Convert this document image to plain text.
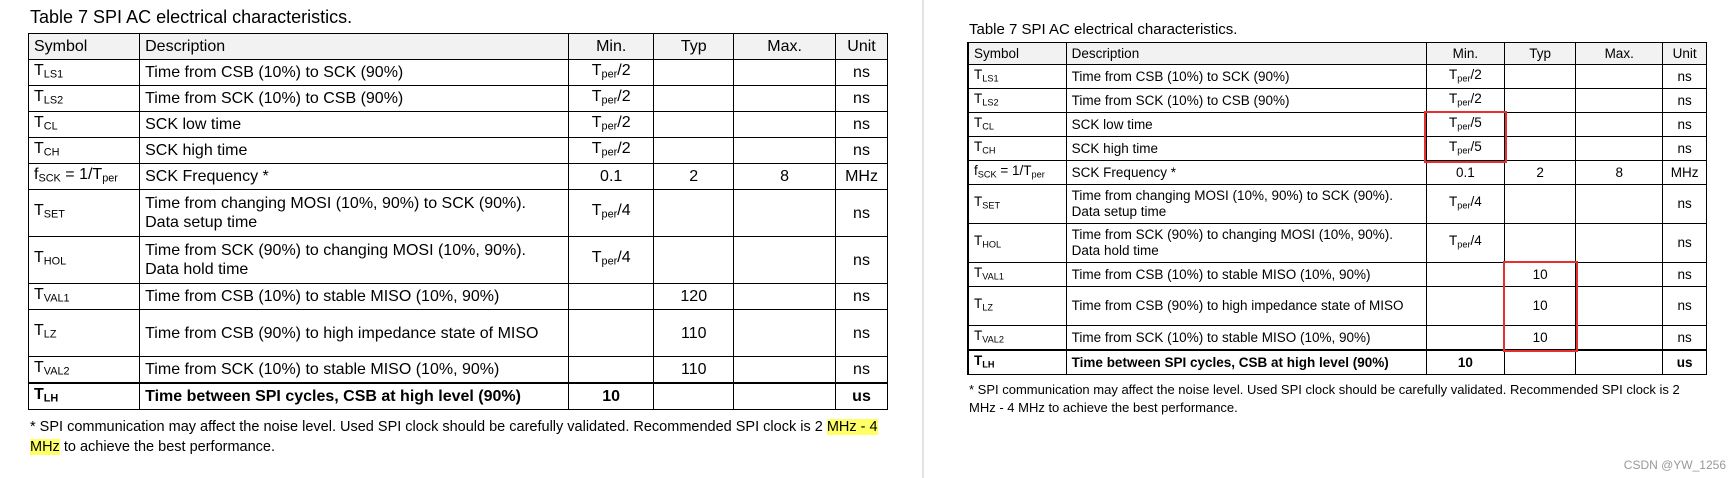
Table 7 SPI AC electrical characteristics.
Symbol	Description	Min.	Typ	Max.	Unit
TLS1	Time from CSB (10%) to SCK (90%)	Tper/2			ns
TLS2	Time from SCK (10%) to CSB (90%)	Tper/2			ns
TCL	SCK low time	Tper/2			ns
TCH	SCK high time	Tper/2			ns
fSCK = 1/Tper	SCK Frequency *	0.1	2	8	MHz
TSET	Time from changing MOSI (10%, 90%) to SCK (90%). Data setup time	Tper/4			ns
THOL	Time from SCK (90%) to changing MOSI (10%, 90%). Data hold time	Tper/4			ns
TVAL1	Time from CSB (10%) to stable MISO (10%, 90%)		120		ns
TLZ	Time from CSB (90%) to high impedance state of MISO		110		ns
TVAL2	Time from SCK (10%) to stable MISO (10%, 90%)		110		ns
TLH	Time between SPI cycles, CSB at high level (90%)	10			us
* SPI communication may affect the noise level. Used SPI clock should be carefully validated. Recommended SPI clock is 2 MHz - 4 MHz to achieve the best performance.
Table 7 SPI AC electrical characteristics.
Symbol	Description	Min.	Typ	Max.	Unit
TLS1	Time from CSB (10%) to SCK (90%)	Tper/2			ns
TLS2	Time from SCK (10%) to CSB (90%)	Tper/2			ns
TCL	SCK low time	Tper/5			ns
TCH	SCK high time	Tper/5			ns
fSCK = 1/Tper	SCK Frequency *	0.1	2	8	MHz
TSET	Time from changing MOSI (10%, 90%) to SCK (90%). Data setup time	Tper/4			ns
THOL	Time from SCK (90%) to changing MOSI (10%, 90%). Data hold time	Tper/4			ns
TVAL1	Time from CSB (10%) to stable MISO (10%, 90%)		10		ns
TLZ	Time from CSB (90%) to high impedance state of MISO		10		ns
TVAL2	Time from SCK (10%) to stable MISO (10%, 90%)		10		ns
TLH	Time between SPI cycles, CSB at high level (90%)	10			us
* SPI communication may affect the noise level. Used SPI clock should be carefully validated. Recommended SPI clock is 2 MHz - 4 MHz to achieve the best performance.
CSDN @YW_1256
